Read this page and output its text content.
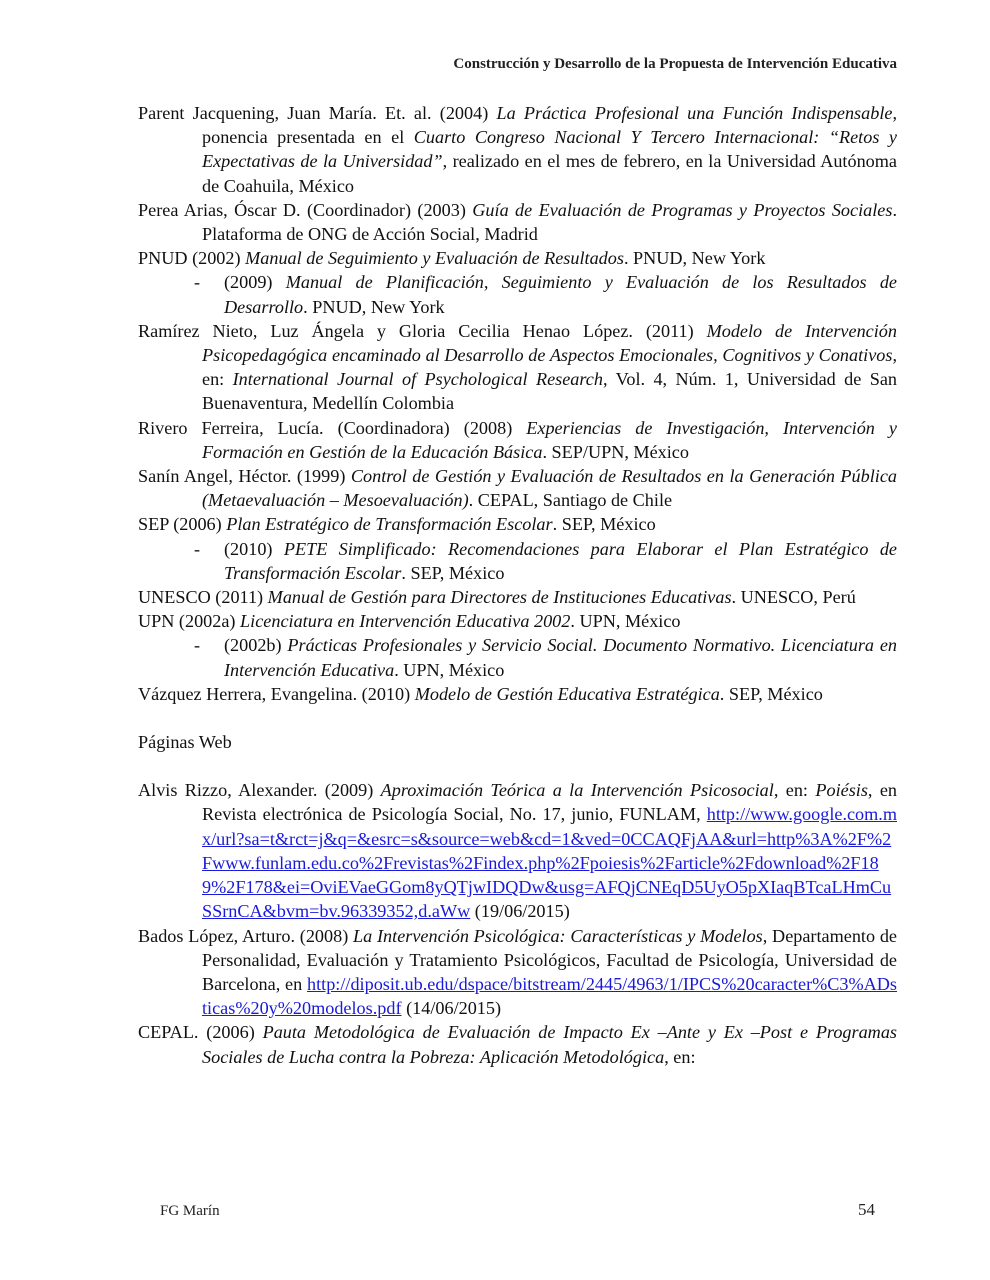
Construcción y Desarrollo de la Propuesta de Intervención Educativa

Parent Jacquening, Juan María. Et. al. (2004) La Práctica Profesional una Función Indispensable, ponencia presentada en el Cuarto Congreso Nacional Y Tercero Internacional: “Retos y Expectativas de la Universidad”, realizado en el mes de febrero, en la Universidad Autónoma de Coahuila, México

Perea Arias, Óscar D. (Coordinador) (2003) Guía de Evaluación de Programas y Proyectos Sociales. Plataforma de ONG de Acción Social, Madrid

PNUD (2002) Manual de Seguimiento y Evaluación de Resultados. PNUD, New York

- (2009) Manual de Planificación, Seguimiento y Evaluación de los Resultados de Desarrollo. PNUD, New York

Ramírez Nieto, Luz Ángela y Gloria Cecilia Henao López. (2011) Modelo de Intervención Psicopedagógica encaminado al Desarrollo de Aspectos Emocionales, Cognitivos y Conativos, en: International Journal of Psychological Research, Vol. 4, Núm. 1, Universidad de San Buenaventura, Medellín Colombia

Rivero Ferreira, Lucía. (Coordinadora) (2008) Experiencias de Investigación, Intervención y Formación en Gestión de la Educación Básica. SEP/UPN, México

Sanín Angel, Héctor. (1999) Control de Gestión y Evaluación de Resultados en la Generación Pública (Metaevaluación – Mesoevaluación). CEPAL, Santiago de Chile

SEP (2006) Plan Estratégico de Transformación Escolar. SEP, México

- (2010) PETE Simplificado: Recomendaciones para Elaborar el Plan Estratégico de Transformación Escolar. SEP, México

UNESCO (2011) Manual de Gestión para Directores de Instituciones Educativas. UNESCO, Perú

UPN (2002a) Licenciatura en Intervención Educativa 2002. UPN, México

- (2002b) Prácticas Profesionales y Servicio Social. Documento Normativo. Licenciatura en Intervención Educativa. UPN, México

Vázquez Herrera, Evangelina. (2010) Modelo de Gestión Educativa Estratégica. SEP, México

Páginas Web

Alvis Rizzo, Alexander. (2009) Aproximación Teórica a la Intervención Psicosocial, en: Poiésis, en Revista electrónica de Psicología Social, No. 17, junio, FUNLAM, http://www.google.com.mx/url?sa=t&rct=j&q=&esrc=s&source=web&cd=1&ved=0CCAQFjAA&url=http%3A%2F%2Fwww.funlam.edu.co%2Frevistas%2Findex.php%2Fpoiesis%2Farticle%2Fdownload%2F189%2F178&ei=OviEVaeGGom8yQTjwIDQDw&usg=AFQjCNEqD5UyO5pXIaqBTcaLHmCuSSrnCA&bvm=bv.96339352,d.aWw (19/06/2015)

Bados López, Arturo. (2008) La Intervención Psicológica: Características y Modelos, Departamento de Personalidad, Evaluación y Tratamiento Psicológicos, Facultad de Psicología, Universidad de Barcelona, en http://diposit.ub.edu/dspace/bitstream/2445/4963/1/IPCS%20caracter%C3%ADsticas%20y%20modelos.pdf (14/06/2015)

CEPAL. (2006) Pauta Metodológica de Evaluación de Impacto Ex –Ante y Ex –Post e Programas Sociales de Lucha contra la Pobreza: Aplicación Metodológica, en:

FG Marín	54
